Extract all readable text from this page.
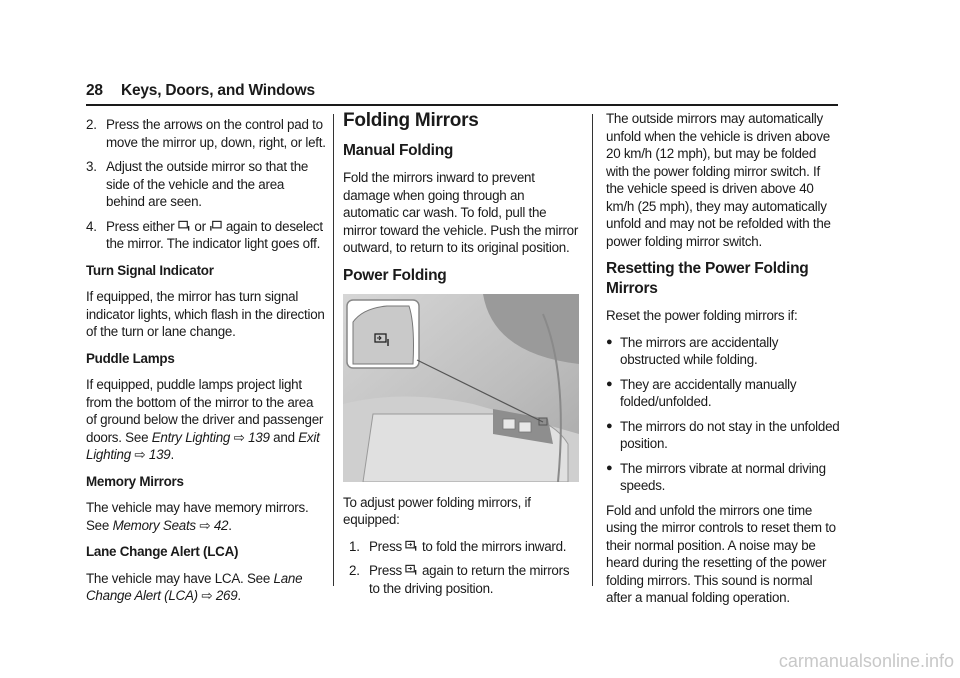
28 Keys, Doors, and Windows
2. Press the arrows on the control pad to move the mirror up, down, right, or left.
3. Adjust the outside mirror so that the side of the vehicle and the area behind are seen.
4. Press either or again to deselect the mirror. The indicator light goes off.

Turn Signal Indicator

If equipped, the mirror has turn signal indicator lights, which flash in the direction of the turn or lane change.

Puddle Lamps

If equipped, puddle lamps project light from the bottom of the mirror to the area of ground below the driver and passenger doors. See Entry Lighting ⇨ 139 and Exit Lighting ⇨ 139.

Memory Mirrors

The vehicle may have memory mirrors. See Memory Seats ⇨ 42.

Lane Change Alert (LCA)

The vehicle may have LCA. See Lane Change Alert (LCA) ⇨ 269.

Folding Mirrors
Manual Folding

Fold the mirrors inward to prevent damage when going through an automatic car wash. To fold, pull the mirror toward the vehicle. Push the mirror outward, to return to its original position.

Power Folding

To adjust power folding mirrors, if equipped:

1. Press to fold the mirrors inward.
2. Press again to return the mirrors to the driving position.

The outside mirrors may automatically unfold when the vehicle is driven above 20 km/h (12 mph), but may be folded with the power folding mirror switch. If the vehicle speed is driven above 40 km/h (25 mph), they may automatically unfold and may not be refolded with the power folding mirror switch.

Resetting the Power Folding Mirrors

Reset the power folding mirrors if:

● The mirrors are accidentally obstructed while folding.
● They are accidentally manually folded/unfolded.
● The mirrors do not stay in the unfolded position.
● The mirrors vibrate at normal driving speeds.

Fold and unfold the mirrors one time using the mirror controls to reset them to their normal position. A noise may be heard during the resetting of the power folding mirrors. This sound is normal after a manual folding operation.

carmanualsonline.info
